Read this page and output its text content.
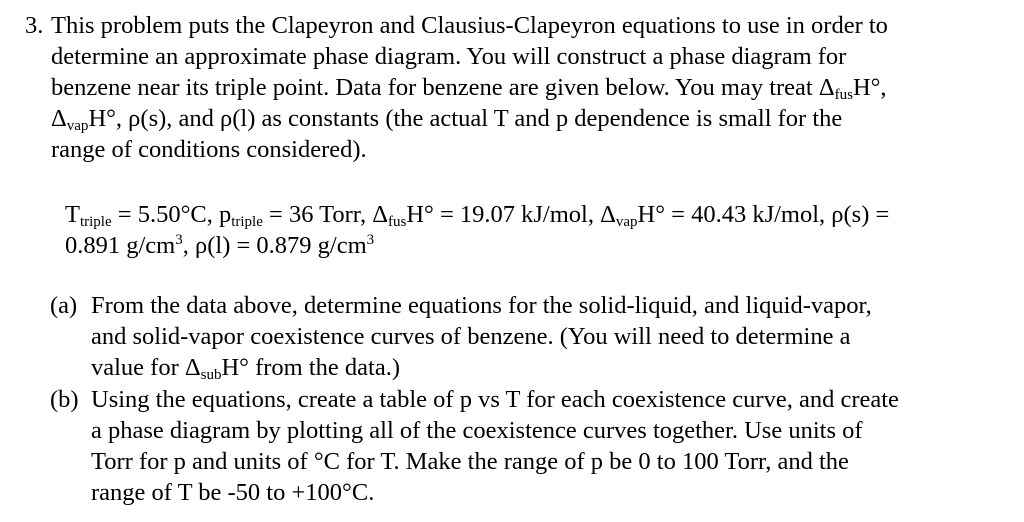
3. This problem puts the Clapeyron and Clausius-Clapeyron equations to use in order to
determine an approximate phase diagram. You will construct a phase diagram for
benzene near its triple point. Data for benzene are given below. You may treat $\Delta_{fus}H^\circ$,
$\Delta_{vap}H^\circ$, ρ(s), and ρ(l) as constants (the actual T and p dependence is small for the
range of conditions considered).
$T_{triple} = 5.50^\circ C$, $p_{triple} = 36$ Torr, $\Delta_{fus}H^\circ = 19.07$ kJ/mol, $\Delta_{vap}H^\circ = 40.43$ kJ/mol, ρ(s) =
0.891 $g/cm^3$, ρ(l) = 0.879 $g/cm^3$
(a) From the data above, determine equations for the solid-liquid, and liquid-vapor,
and solid-vapor coexistence curves of benzene. (You will need to determine a
value for $\Delta_{sub}H^\circ$ from the data.)
(b) Using the equations, create a table of p vs T for each coexistence curve, and create
a phase diagram by plotting all of the coexistence curves together. Use units of
Torr for p and units of °C for T. Make the range of p be 0 to 100 Torr, and the
range of T be -50 to +100°C.
